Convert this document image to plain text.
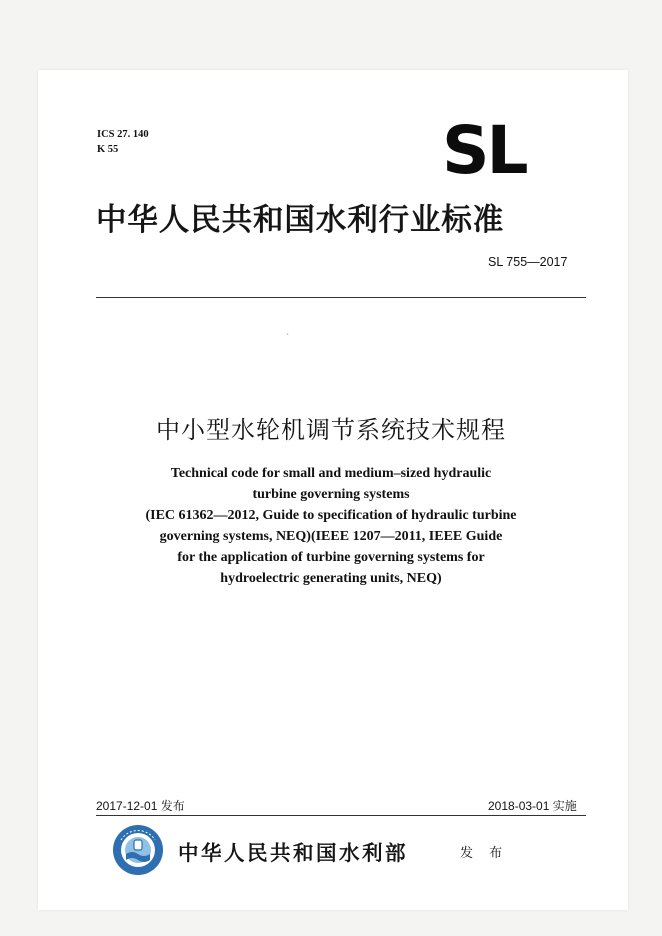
ICS 27. 140
K 55	SL
中华人民共和国水利行业标准
SL 755—2017
ˎ
中小型水轮机调节系统技术规程
Technical code for small and medium–sized hydraulic
turbine governing systems
(IEC 61362—2012, Guide to specification of hydraulic turbine
governing systems, NEQ)(IEEE 1207—2011, IEEE Guide
for the application of turbine governing systems for
hydroelectric generating units, NEQ)
2017-12-01 发布	2018-03-01 实施
中华人民共和国水利部	发 布
